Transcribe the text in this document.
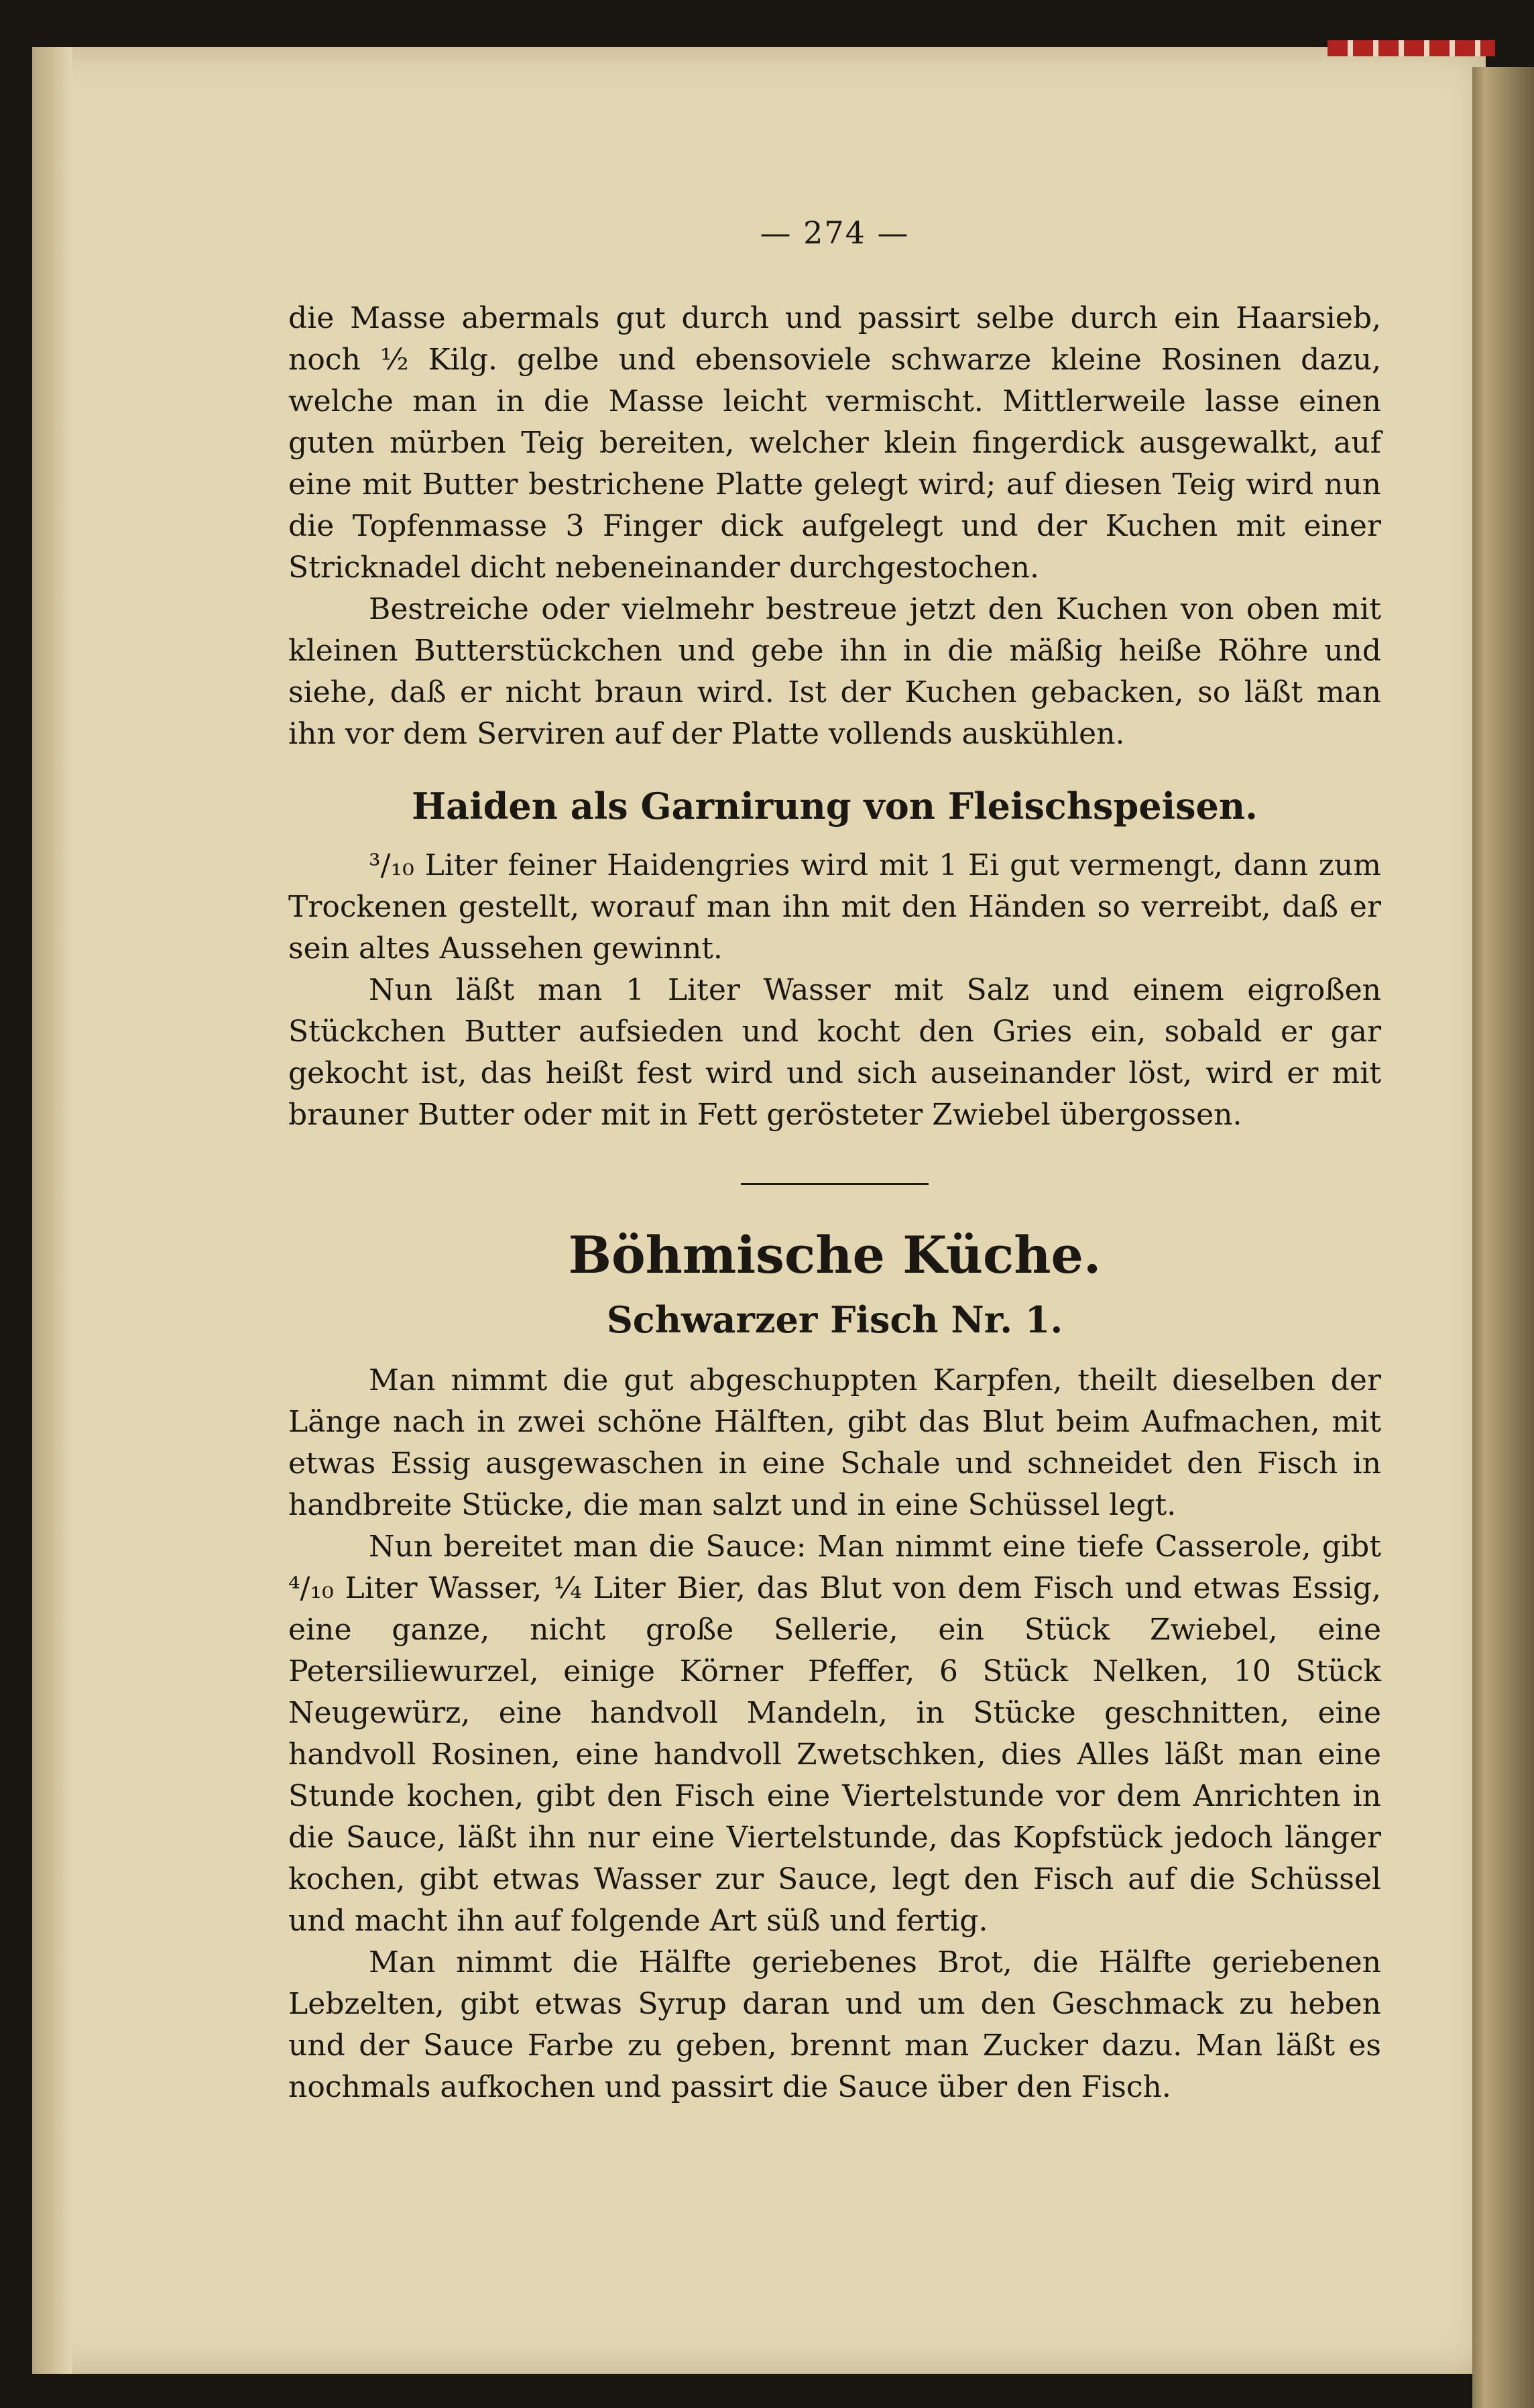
— 274 —

die Masse abermals gut durch und passirt selbe durch ein Haarsieb, noch ½ Kilg. gelbe und ebensoviele schwarze kleine Rosinen dazu, welche man in die Masse leicht vermischt. Mittlerweile lasse einen guten mürben Teig bereiten, welcher klein fingerdick ausgewalkt, auf eine mit Butter bestrichene Platte gelegt wird; auf diesen Teig wird nun die Topfenmasse 3 Finger dick aufgelegt und der Kuchen mit einer Stricknadel dicht nebeneinander durchgestochen.

Bestreiche oder vielmehr bestreue jetzt den Kuchen von oben mit kleinen Butterstückchen und gebe ihn in die mäßig heiße Röhre und siehe, daß er nicht braun wird. Ist der Kuchen gebacken, so läßt man ihn vor dem Serviren auf der Platte vollends auskühlen.

Haiden als Garnirung von Fleischspeisen.

³/₁₀ Liter feiner Haidengries wird mit 1 Ei gut vermengt, dann zum Trockenen gestellt, worauf man ihn mit den Händen so verreibt, daß er sein altes Aussehen gewinnt.

Nun läßt man 1 Liter Wasser mit Salz und einem eigroßen Stückchen Butter aufsieden und kocht den Gries ein, sobald er gar gekocht ist, das heißt fest wird und sich auseinander löst, wird er mit brauner Butter oder mit in Fett gerösteter Zwiebel übergossen.

Böhmische Küche.
Schwarzer Fisch Nr. 1.

Man nimmt die gut abgeschuppten Karpfen, theilt dieselben der Länge nach in zwei schöne Hälften, gibt das Blut beim Aufmachen, mit etwas Essig ausgewaschen in eine Schale und schneidet den Fisch in handbreite Stücke, die man salzt und in eine Schüssel legt.

Nun bereitet man die Sauce: Man nimmt eine tiefe Casserole, gibt ⁴/₁₀ Liter Wasser, ¼ Liter Bier, das Blut von dem Fisch und etwas Essig, eine ganze, nicht große Sellerie, ein Stück Zwiebel, eine Petersiliewurzel, einige Körner Pfeffer, 6 Stück Nelken, 10 Stück Neugewürz, eine handvoll Mandeln, in Stücke geschnitten, eine handvoll Rosinen, eine handvoll Zwetschken, dies Alles läßt man eine Stunde kochen, gibt den Fisch eine Viertelstunde vor dem Anrichten in die Sauce, läßt ihn nur eine Viertelstunde, das Kopfstück jedoch länger kochen, gibt etwas Wasser zur Sauce, legt den Fisch auf die Schüssel und macht ihn auf folgende Art süß und fertig.

Man nimmt die Hälfte geriebenes Brot, die Hälfte geriebenen Lebzelten, gibt etwas Syrup daran und um den Geschmack zu heben und der Sauce Farbe zu geben, brennt man Zucker dazu. Man läßt es nochmals aufkochen und passirt die Sauce über den Fisch.
